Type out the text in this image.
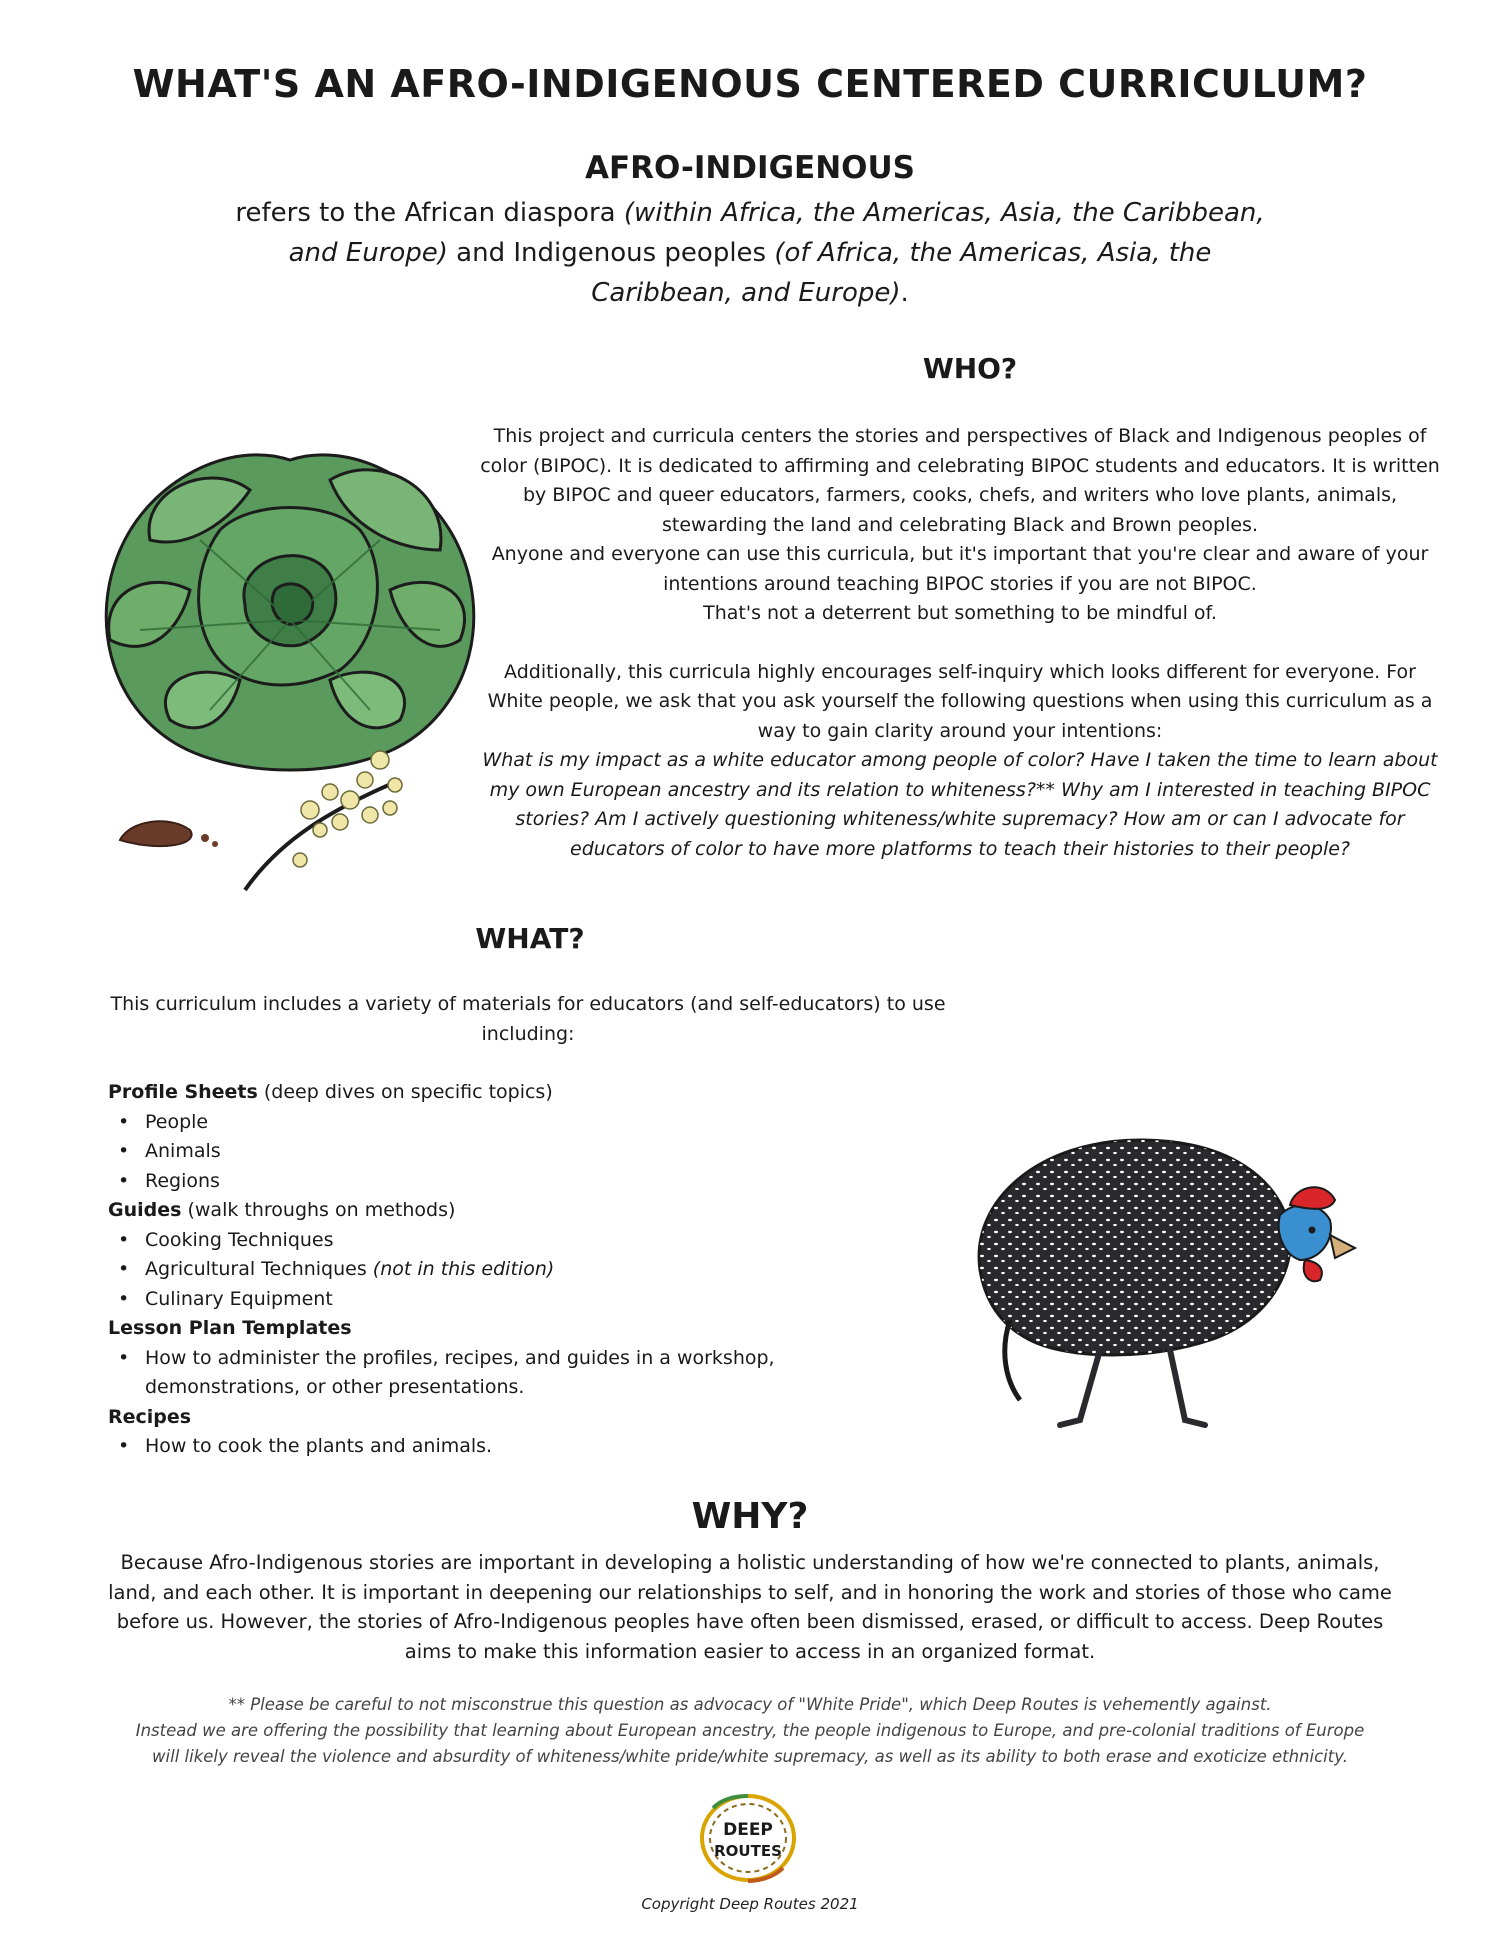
WHAT'S AN AFRO-INDIGENOUS CENTERED CURRICULUM?
AFRO-INDIGENOUS
refers to the African diaspora (within Africa, the Americas, Asia, the Caribbean, and Europe) and Indigenous peoples (of Africa, the Americas, Asia, the Caribbean, and Europe).
WHO?

This project and curricula centers the stories and perspectives of Black and Indigenous peoples of color (BIPOC). It is dedicated to affirming and celebrating BIPOC students and educators. It is written by BIPOC and queer educators, farmers, cooks, chefs, and writers who love plants, animals, stewarding the land and celebrating Black and Brown peoples.

Anyone and everyone can use this curricula, but it's important that you're clear and aware of your intentions around teaching BIPOC stories if you are not BIPOC.

That's not a deterrent but something to be mindful of.

Additionally, this curricula highly encourages self-inquiry which looks different for everyone. For White people, we ask that you ask yourself the following questions when using this curriculum as a way to gain clarity around your intentions:

What is my impact as a white educator among people of color? Have I taken the time to learn about my own European ancestry and its relation to whiteness?** Why am I interested in teaching BIPOC stories? Am I actively questioning whiteness/white supremacy? How am or can I advocate for educators of color to have more platforms to teach their histories to their people?

WHAT?
This curriculum includes a variety of materials for educators (and self-educators) to use including:
Profile Sheets (deep dives on specific topics)
• People
• Animals
• Regions
Guides (walk throughs on methods)
• Cooking Techniques
• Agricultural Techniques (not in this edition)
• Culinary Equipment
Lesson Plan Templates
• How to administer the profiles, recipes, and guides in a workshop, demonstrations, or other presentations.
Recipes
• How to cook the plants and animals.
WHY?
Because Afro-Indigenous stories are important in developing a holistic understanding of how we're connected to plants, animals, land, and each other. It is important in deepening our relationships to self, and in honoring the work and stories of those who came before us. However, the stories of Afro-Indigenous peoples have often been dismissed, erased, or difficult to access. Deep Routes aims to make this information easier to access in an organized format.
** Please be careful to not misconstrue this question as advocacy of "White Pride", which Deep Routes is vehemently against.
Instead we are offering the possibility that learning about European ancestry, the people indigenous to Europe, and pre-colonial traditions of Europe
will likely reveal the violence and absurdity of whiteness/white pride/white supremacy, as well as its ability to both erase and exoticize ethnicity.
DEEP
ROUTES
Copyright Deep Routes 2021
